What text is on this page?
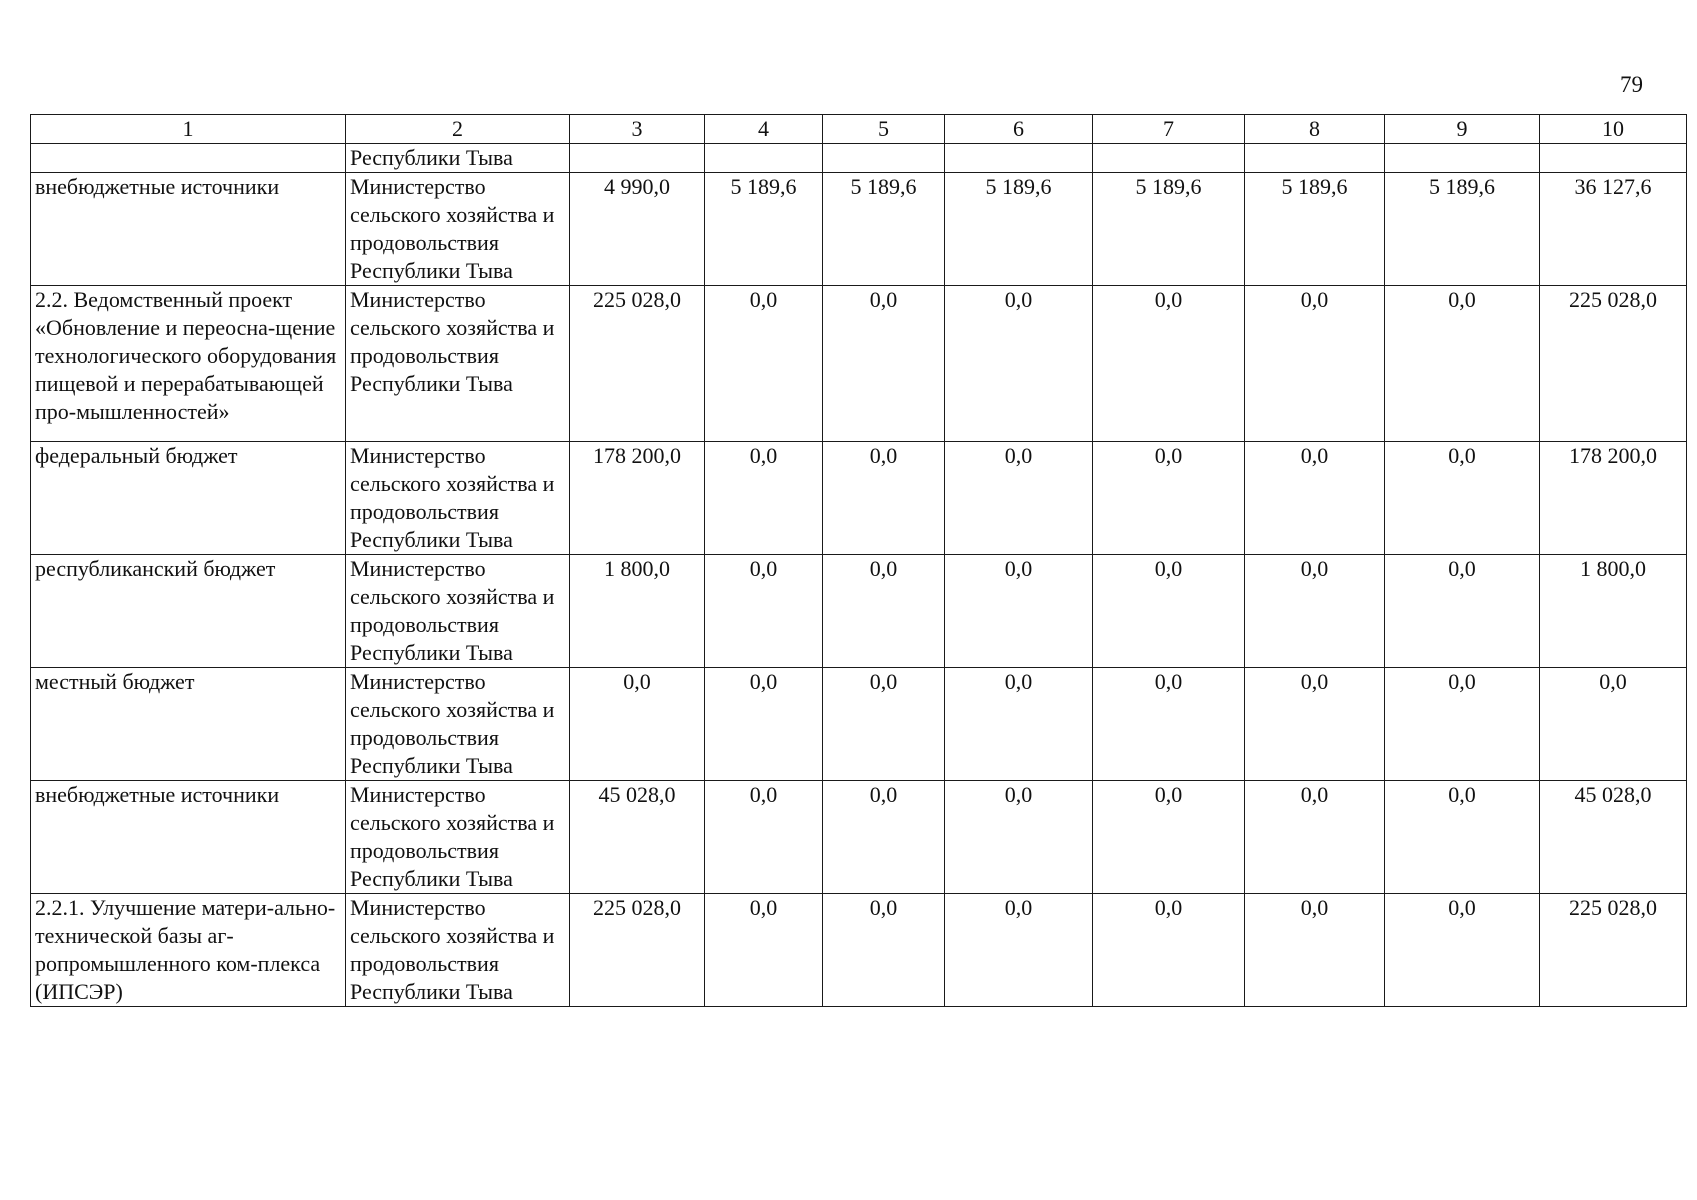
79
1	2	3	4	5	6	7	8	9	10
	Республики Тыва								
внебюджетные источники	Министерство сельского хозяйства и продовольствия Республики Тыва	4 990,0	5 189,6	5 189,6	5 189,6	5 189,6	5 189,6	5 189,6	36 127,6
2.2. Ведомственный проект «Обновление и переосна-щение технологического оборудования пищевой и перерабатывающей про-мышленностей»	Министерство сельского хозяйства и продовольствия Республики Тыва	225 028,0	0,0	0,0	0,0	0,0	0,0	0,0	225 028,0
федеральный бюджет	Министерство сельского хозяйства и продовольствия Республики Тыва	178 200,0	0,0	0,0	0,0	0,0	0,0	0,0	178 200,0
республиканский бюджет	Министерство сельского хозяйства и продовольствия Республики Тыва	1 800,0	0,0	0,0	0,0	0,0	0,0	0,0	1 800,0
местный бюджет	Министерство сельского хозяйства и продовольствия Республики Тыва	0,0	0,0	0,0	0,0	0,0	0,0	0,0	0,0
внебюджетные источники	Министерство сельского хозяйства и продовольствия Республики Тыва	45 028,0	0,0	0,0	0,0	0,0	0,0	0,0	45 028,0
2.2.1. Улучшение матери-ально-технической базы аг-ропромышленного ком-плекса (ИПСЭР)	Министерство сельского хозяйства и продовольствия Республики Тыва	225 028,0	0,0	0,0	0,0	0,0	0,0	0,0	225 028,0
